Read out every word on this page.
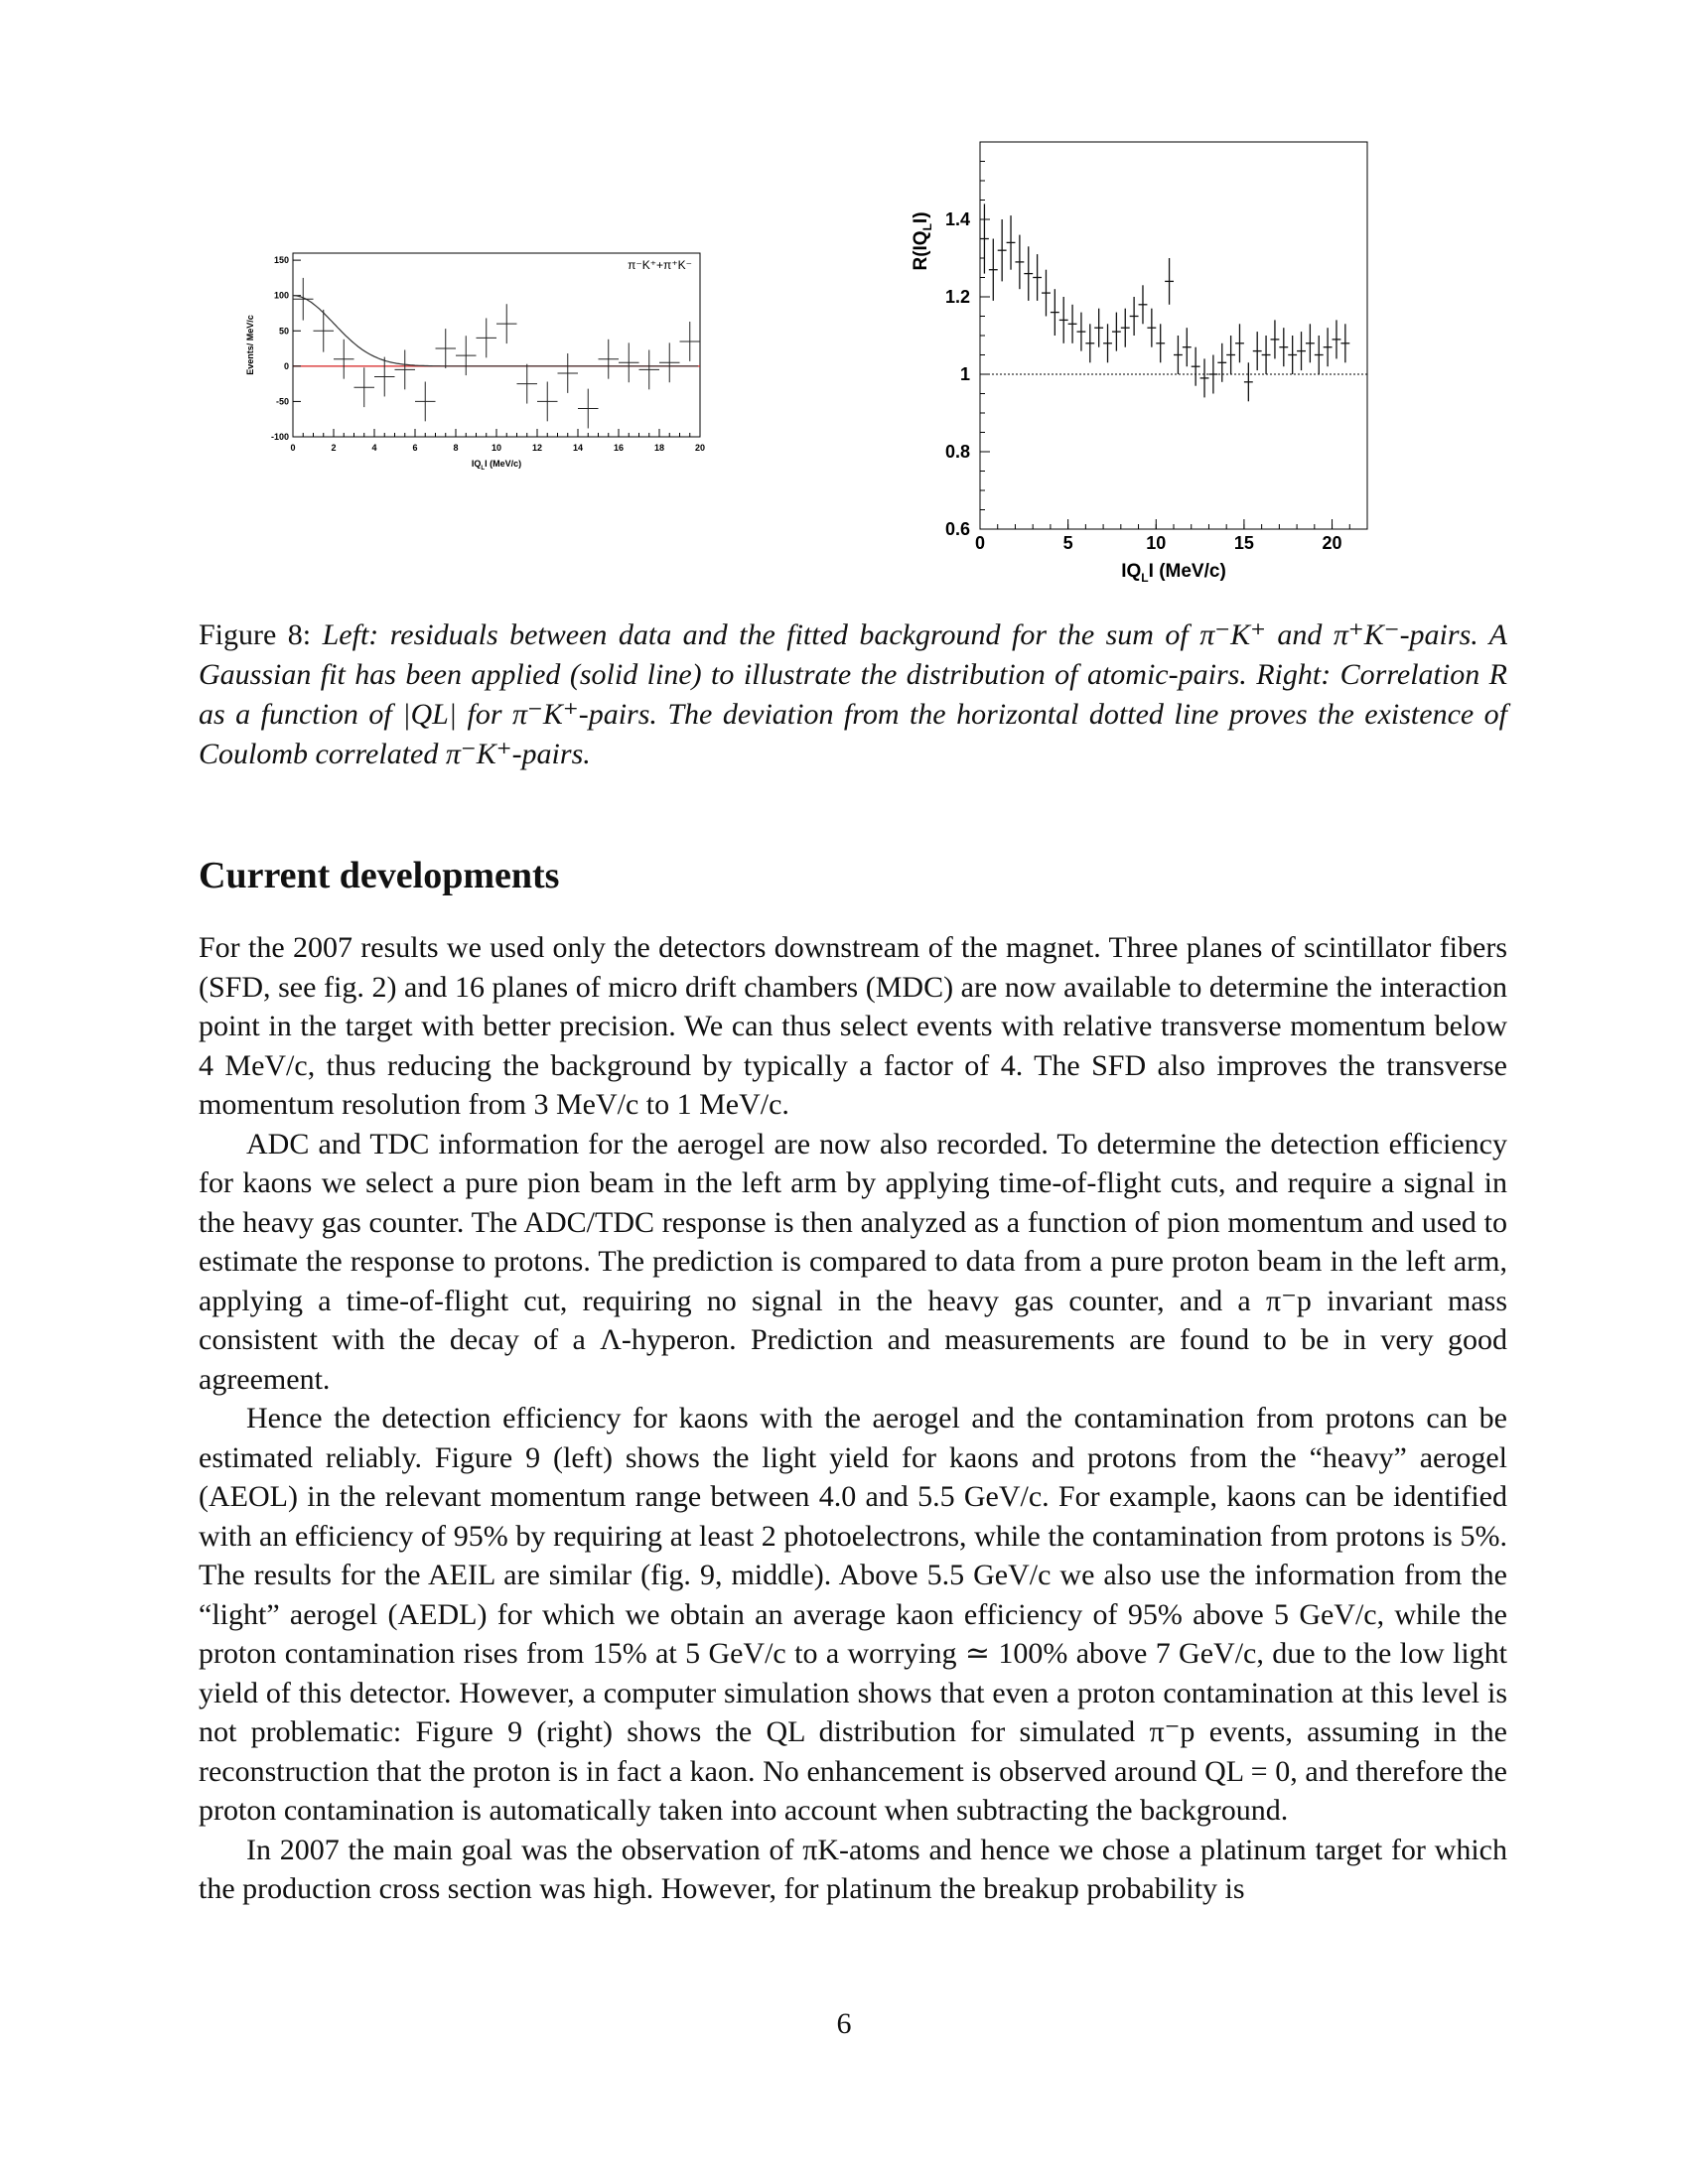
-100
-50
0
50
100
150
0	2	4	6	8	10	12	14	16	18	20
π⁻K⁺+π⁺K⁻
$IQ_LI$ (MeV/c)
Events/ MeV/c
0.6
0.8
1
1.2
1.4
0	5	10	15	20
$IQ_LI$ (MeV/c)
$R(IQ_LI)$
Figure 8: Left: residuals between data and the fitted background for the sum of π⁻K⁺ and π⁺K⁻-pairs. A Gaussian fit has been applied (solid line) to illustrate the distribution of atomic-pairs. Right: Correlation R as a function of |QL| for π⁻K⁺-pairs. The deviation from the horizontal dotted line proves the existence of Coulomb correlated π⁻K⁺-pairs.
Current developments

For the 2007 results we used only the detectors downstream of the magnet. Three planes of scintillator fibers (SFD, see fig. 2) and 16 planes of micro drift chambers (MDC) are now available to determine the interaction point in the target with better precision. We can thus select events with relative transverse momentum below 4 MeV/c, thus reducing the background by typically a factor of 4. The SFD also improves the transverse momentum resolution from 3 MeV/c to 1 MeV/c.

ADC and TDC information for the aerogel are now also recorded. To determine the detection efficiency for kaons we select a pure pion beam in the left arm by applying time-of-flight cuts, and require a signal in the heavy gas counter. The ADC/TDC response is then analyzed as a function of pion momentum and used to estimate the response to protons. The prediction is compared to data from a pure proton beam in the left arm, applying a time-of-flight cut, requiring no signal in the heavy gas counter, and a π⁻p invariant mass consistent with the decay of a Λ-hyperon. Prediction and measurements are found to be in very good agreement.

Hence the detection efficiency for kaons with the aerogel and the contamination from protons can be estimated reliably. Figure 9 (left) shows the light yield for kaons and protons from the “heavy” aerogel (AEOL) in the relevant momentum range between 4.0 and 5.5 GeV/c. For example, kaons can be identified with an efficiency of 95% by requiring at least 2 photoelectrons, while the contamination from protons is 5%. The results for the AEIL are similar (fig. 9, middle). Above 5.5 GeV/c we also use the information from the “light” aerogel (AEDL) for which we obtain an average kaon efficiency of 95% above 5 GeV/c, while the proton contamination rises from 15% at 5 GeV/c to a worrying ≃ 100% above 7 GeV/c, due to the low light yield of this detector. However, a computer simulation shows that even a proton contamination at this level is not problematic: Figure 9 (right) shows the QL distribution for simulated π⁻p events, assuming in the reconstruction that the proton is in fact a kaon. No enhancement is observed around QL = 0, and therefore the proton contamination is automatically taken into account when subtracting the background.

In 2007 the main goal was the observation of πK-atoms and hence we chose a platinum target for which the production cross section was high. However, for platinum the breakup probability is

6
